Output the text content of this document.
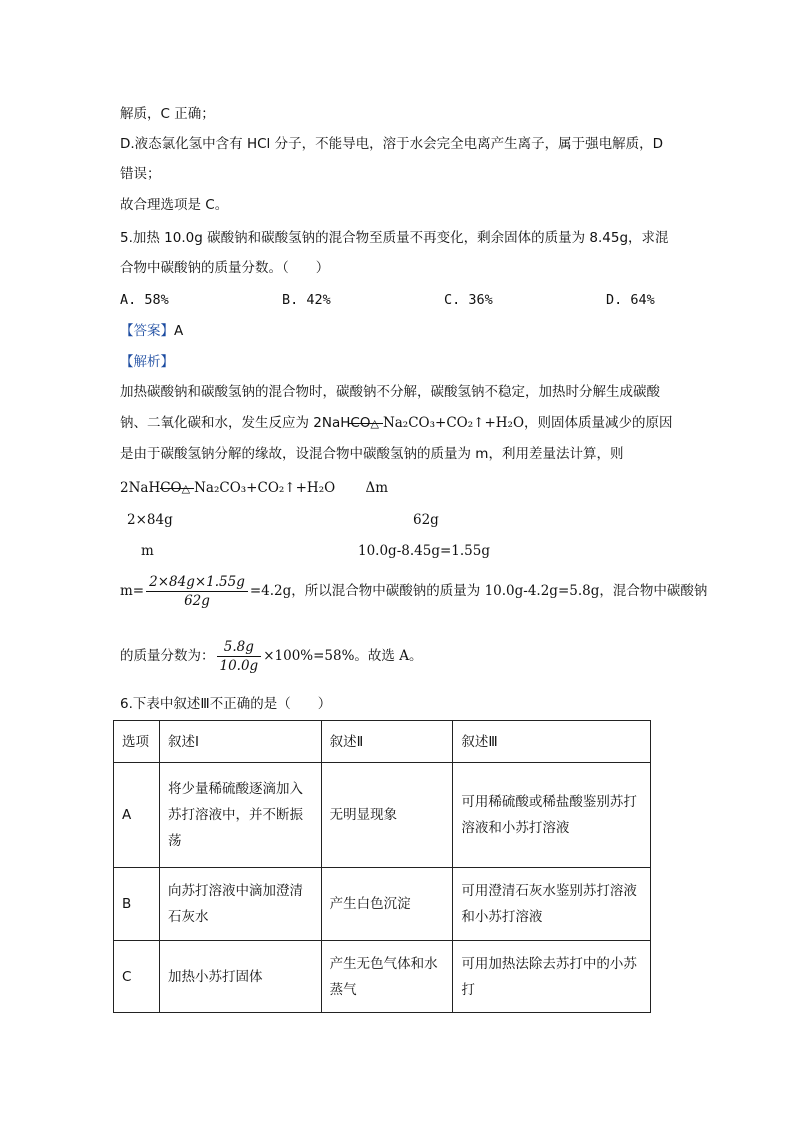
解质，C 正确；
D.液态氯化氢中含有 HCl 分子，不能导电，溶于水会完全电离产生离子，属于强电解质，D
错误；
故合理选项是 C。
5.加热 10.0g 碳酸钠和碳酸氢钠的混合物至质量不再变化，剩余固体的质量为 8.45g，求混
合物中碳酸钠的质量分数。（　　）
A. 58%	B. 42%	C. 36%	D. 64%
【答案】A
【解析】
加热碳酸钠和碳酸氢钠的混合物时，碳酸钠不分解，碳酸氢钠不稳定，加热时分解生成碳酸
钠、二氧化碳和水，发生反应为 2NaHCO△ Na₂CO₃+CO₂↑+H₂O，则固体质量减少的原因
是由于碳酸氢钠分解的缘故，设混合物中碳酸氢钠的质量为 m，利用差量法计算，则
2NaHCO△ Na₂CO₃+CO₂↑+H₂O Δm
2×84g	62g
m	10.0g-8.45g=1.55g
$m= \frac{2\times 84g\times 1.55g}{62g} =4.2g$，所以混合物中碳酸钠的质量为 10.0g-4.2g=5.8g，混合物中碳酸钠
的质量分数为： $\frac{5.8g}{10.0g} \times 100\%=58\%$。故选 A。
6.下表中叙述Ⅲ不正确的是（　　）
选项	叙述Ⅰ	叙述Ⅱ	叙述Ⅲ
A	将少量稀硫酸逐滴加入苏打溶液中，并不断振荡	无明显现象	可用稀硫酸或稀盐酸鉴别苏打溶液和小苏打溶液
B	向苏打溶液中滴加澄清石灰水	产生白色沉淀	可用澄清石灰水鉴别苏打溶液和小苏打溶液
C	加热小苏打固体	产生无色气体和水蒸气	可用加热法除去苏打中的小苏打
